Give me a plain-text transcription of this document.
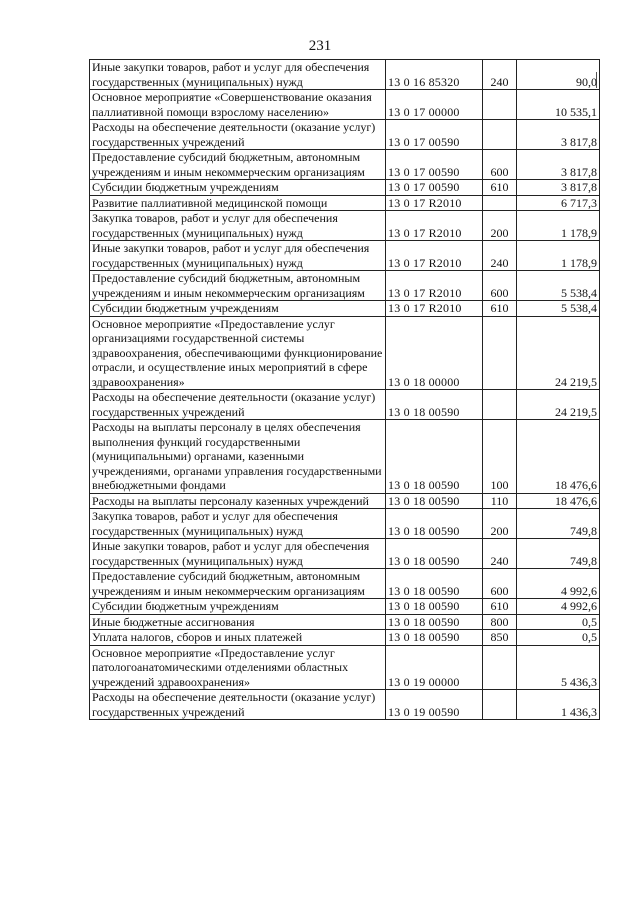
231
Иные закупки товаров, работ и услуг для обеспечения государственных (муниципальных) нужд	13 0 16 85320	240	90,0
Основное мероприятие «Совершенствование оказания паллиативной помощи взрослому населению»	13 0 17 00000		10 535,1
Расходы на обеспечение деятельности (оказание услуг) государственных учреждений	13 0 17 00590		3 817,8
Предоставление субсидий бюджетным, автономным учреждениям и иным некоммерческим организациям	13 0 17 00590	600	3 817,8
Субсидии бюджетным учреждениям	13 0 17 00590	610	3 817,8
Развитие паллиативной медицинской помощи	13 0 17 R2010		6 717,3
Закупка товаров, работ и услуг для обеспечения государственных (муниципальных) нужд	13 0 17 R2010	200	1 178,9
Иные закупки товаров, работ и услуг для обеспечения государственных (муниципальных) нужд	13 0 17 R2010	240	1 178,9
Предоставление субсидий бюджетным, автономным учреждениям и иным некоммерческим организациям	13 0 17 R2010	600	5 538,4
Субсидии бюджетным учреждениям	13 0 17 R2010	610	5 538,4
Основное мероприятие «Предоставление услуг организациями государственной системы здравоохранения, обеспечивающими функционирование отрасли, и осуществление иных мероприятий в сфере здравоохранения»	13 0 18 00000		24 219,5
Расходы на обеспечение деятельности (оказание услуг) государственных учреждений	13 0 18 00590		24 219,5
Расходы на выплаты персоналу в целях обеспечения выполнения функций государственными (муниципальными) органами, казенными учреждениями, органами управления государственными внебюджетными фондами	13 0 18 00590	100	18 476,6
Расходы на выплаты персоналу казенных учреждений	13 0 18 00590	110	18 476,6
Закупка товаров, работ и услуг для обеспечения государственных (муниципальных) нужд	13 0 18 00590	200	749,8
Иные закупки товаров, работ и услуг для обеспечения государственных (муниципальных) нужд	13 0 18 00590	240	749,8
Предоставление субсидий бюджетным, автономным учреждениям и иным некоммерческим организациям	13 0 18 00590	600	4 992,6
Субсидии бюджетным учреждениям	13 0 18 00590	610	4 992,6
Иные бюджетные ассигнования	13 0 18 00590	800	0,5
Уплата налогов, сборов и иных платежей	13 0 18 00590	850	0,5
Основное мероприятие «Предоставление услуг патологоанатомическими отделениями областных учреждений здравоохранения»	13 0 19 00000		5 436,3
Расходы на обеспечение деятельности (оказание услуг) государственных учреждений	13 0 19 00590		1 436,3
